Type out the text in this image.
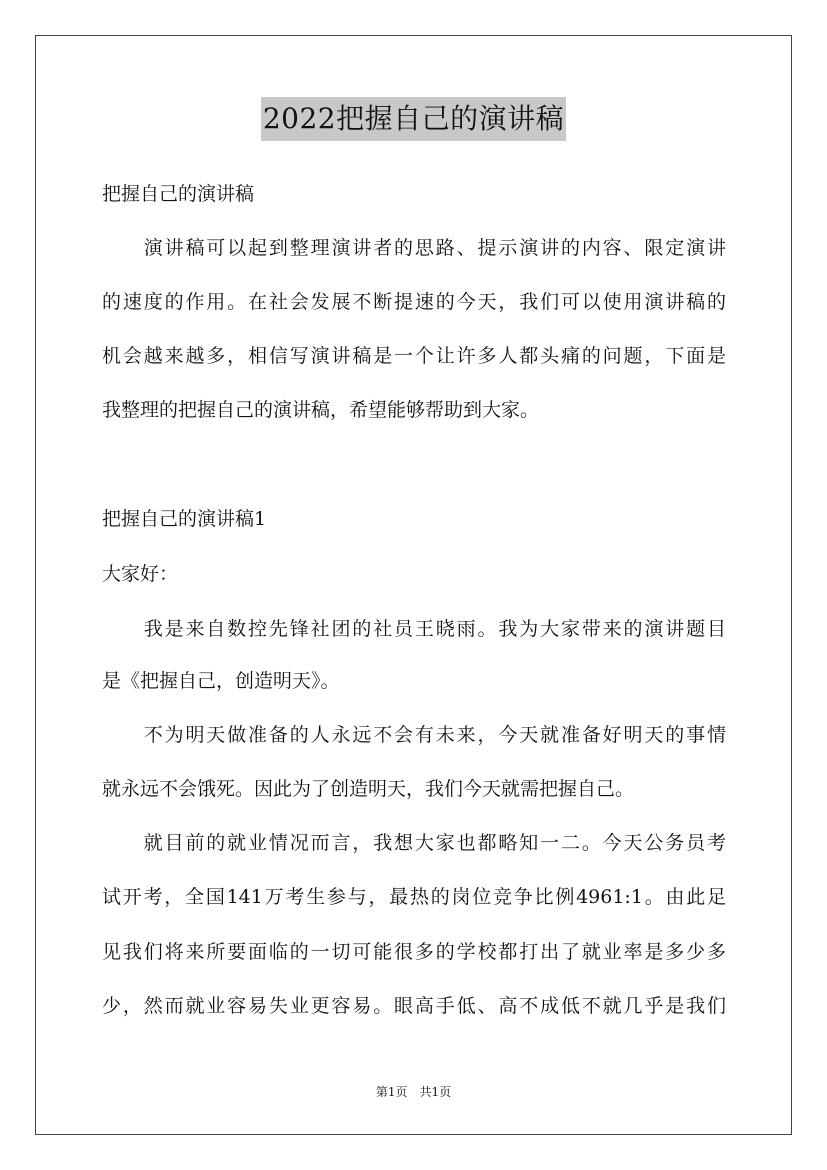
2022把握自己的演讲稿
把握自己的演讲稿
　　演讲稿可以起到整理演讲者的思路、提示演讲的内容、限定演讲
的速度的作用。在社会发展不断提速的今天，我们可以使用演讲稿的
机会越来越多，相信写演讲稿是一个让许多人都头痛的问题，下面是
我整理的把握自己的演讲稿，希望能够帮助到大家。
把握自己的演讲稿1
大家好：
　　我是来自数控先锋社团的社员王晓雨。我为大家带来的演讲题目
是《把握自己，创造明天》。
　　不为明天做准备的人永远不会有未来，今天就准备好明天的事情
就永远不会饿死。因此为了创造明天，我们今天就需把握自己。
　　就目前的就业情况而言，我想大家也都略知一二。今天公务员考
试开考，全国141万考生参与，最热的岗位竞争比例4961:1。由此足
见我们将来所要面临的一切可能很多的学校都打出了就业率是多少多
少，然而就业容易失业更容易。眼高手低、高不成低不就几乎是我们
第1页　共1页
